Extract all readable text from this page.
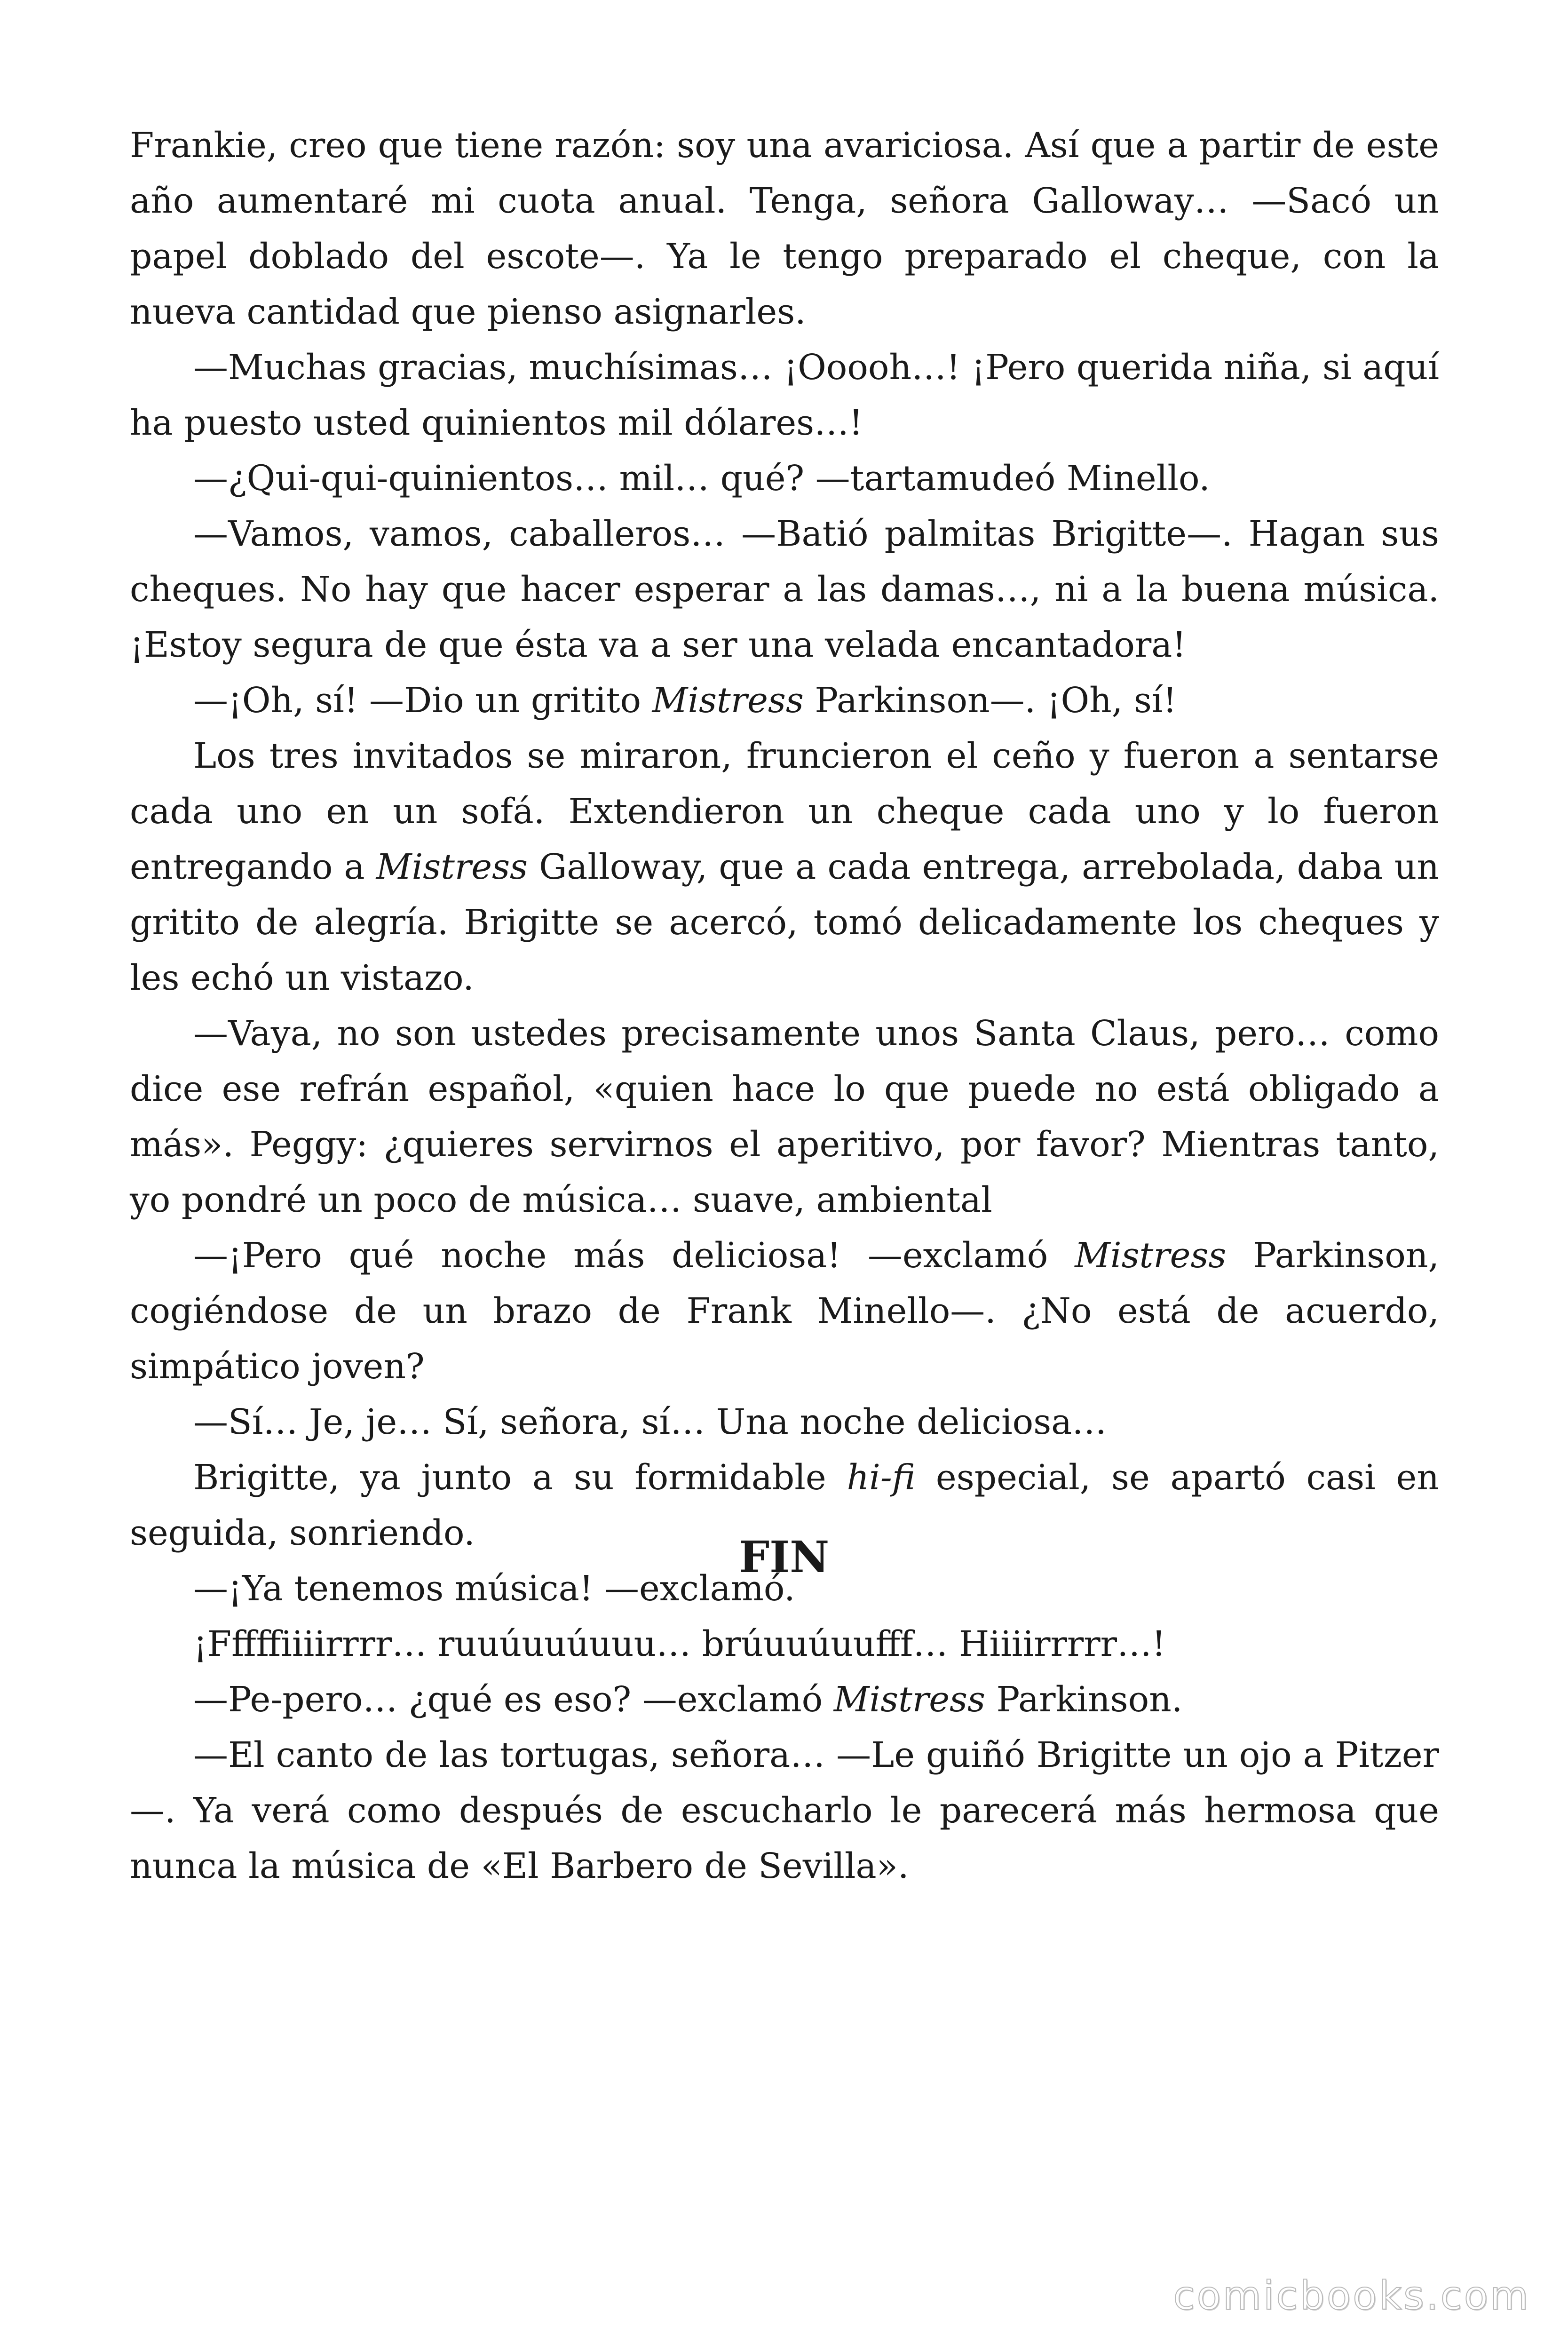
Frankie, creo que tiene razón: soy una avariciosa. Así que a partir de este año aumentaré mi cuota anual. Tenga, señora Galloway… —Sacó un papel doblado del escote—. Ya le tengo preparado el cheque, con la nueva cantidad que pienso asignarles.

—Muchas gracias, muchísimas… ¡Ooooh…! ¡Pero querida niña, si aquí ha puesto usted quinientos mil dólares…!

—¿Qui-qui-quinientos… mil… qué? —tartamudeó Minello.

—Vamos, vamos, caballeros… —Batió palmitas Brigitte—. Hagan sus cheques. No hay que hacer esperar a las damas…, ni a la buena música. ¡Estoy segura de que ésta va a ser una velada encantadora!

—¡Oh, sí! —Dio un gritito Mistress Parkinson—. ¡Oh, sí!

Los tres invitados se miraron, fruncieron el ceño y fueron a sentarse cada uno en un sofá. Extendieron un cheque cada uno y lo fueron entregando a Mistress Galloway, que a cada entrega, arrebolada, daba un gritito de alegría. Brigitte se acercó, tomó delicadamente los cheques y les echó un vistazo.

—Vaya, no son ustedes precisamente unos Santa Claus, pero… como dice ese refrán español, «quien hace lo que puede no está obligado a más». Peggy: ¿quieres servirnos el aperitivo, por favor? Mientras tanto, yo pondré un poco de música… suave, ambiental

—¡Pero qué noche más deliciosa! —exclamó Mistress Parkinson, cogiéndose de un brazo de Frank Minello—. ¿No está de acuerdo, simpático joven?

—Sí… Je, je… Sí, señora, sí… Una noche deliciosa…

Brigitte, ya junto a su formidable hi-fi especial, se apartó casi en seguida, sonriendo.

—¡Ya tenemos música! —exclamó.

¡Fffffiiiirrrr… ruuúuuúuuu… brúuuúuufff… Hiiiirrrrr…!

—Pe-pero… ¿qué es eso? —exclamó Mistress Parkinson.

—El canto de las tortugas, señora… —Le guiñó Brigitte un ojo a Pitzer—. Ya verá como después de escucharlo le parecerá más hermosa que nunca la música de «El Barbero de Sevilla».

FIN
comicbooks.com
